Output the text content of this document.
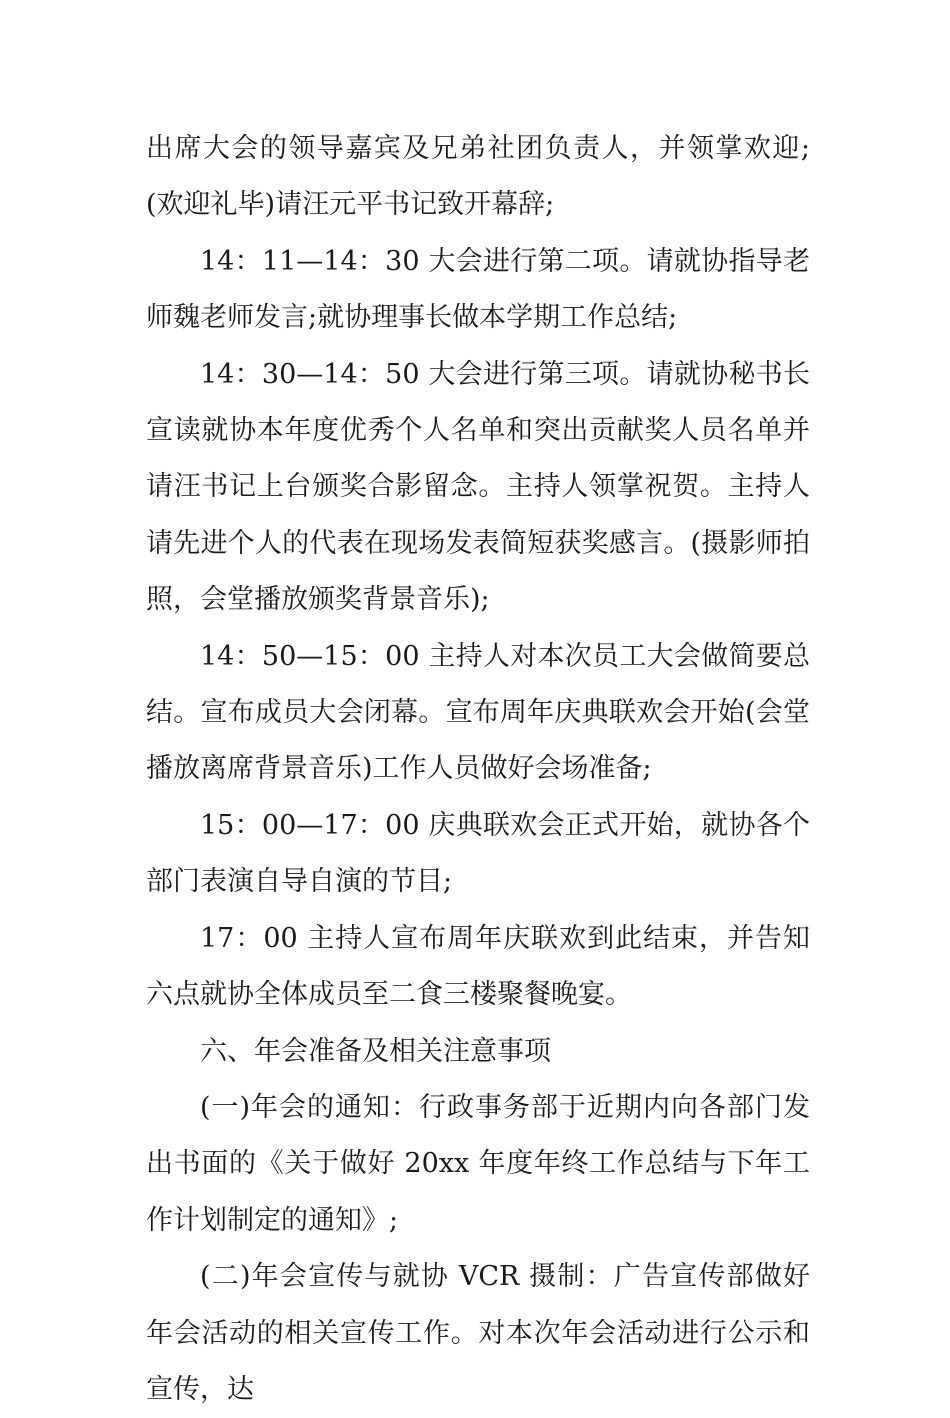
出席大会的领导嘉宾及兄弟社团负责人，并领掌欢迎;(欢迎礼毕)请汪元平书记致开幕辞;

14：11—14：30 大会进行第二项。请就协指导老师魏老师发言;就协理事长做本学期工作总结;

14：30—14：50 大会进行第三项。请就协秘书长宣读就协本年度优秀个人名单和突出贡献奖人员名单并请汪书记上台颁奖合影留念。主持人领掌祝贺。主持人请先进个人的代表在现场发表简短获奖感言。(摄影师拍照，会堂播放颁奖背景音乐);

14：50—15：00 主持人对本次员工大会做简要总结。宣布成员大会闭幕。宣布周年庆典联欢会开始(会堂播放离席背景音乐)工作人员做好会场准备;

15：00—17：00 庆典联欢会正式开始，就协各个部门表演自导自演的节目;

17：00 主持人宣布周年庆联欢到此结束，并告知六点就协全体成员至二食三楼聚餐晚宴。

六、年会准备及相关注意事项

(一)年会的通知：行政事务部于近期内向各部门发出书面的《关于做好 20xx 年度年终工作总结与下年工作计划制定的通知》;

(二)年会宣传与就协 VCR 摄制：广告宣传部做好年会活动的相关宣传工作。对本次年会活动进行公示和宣传，达
